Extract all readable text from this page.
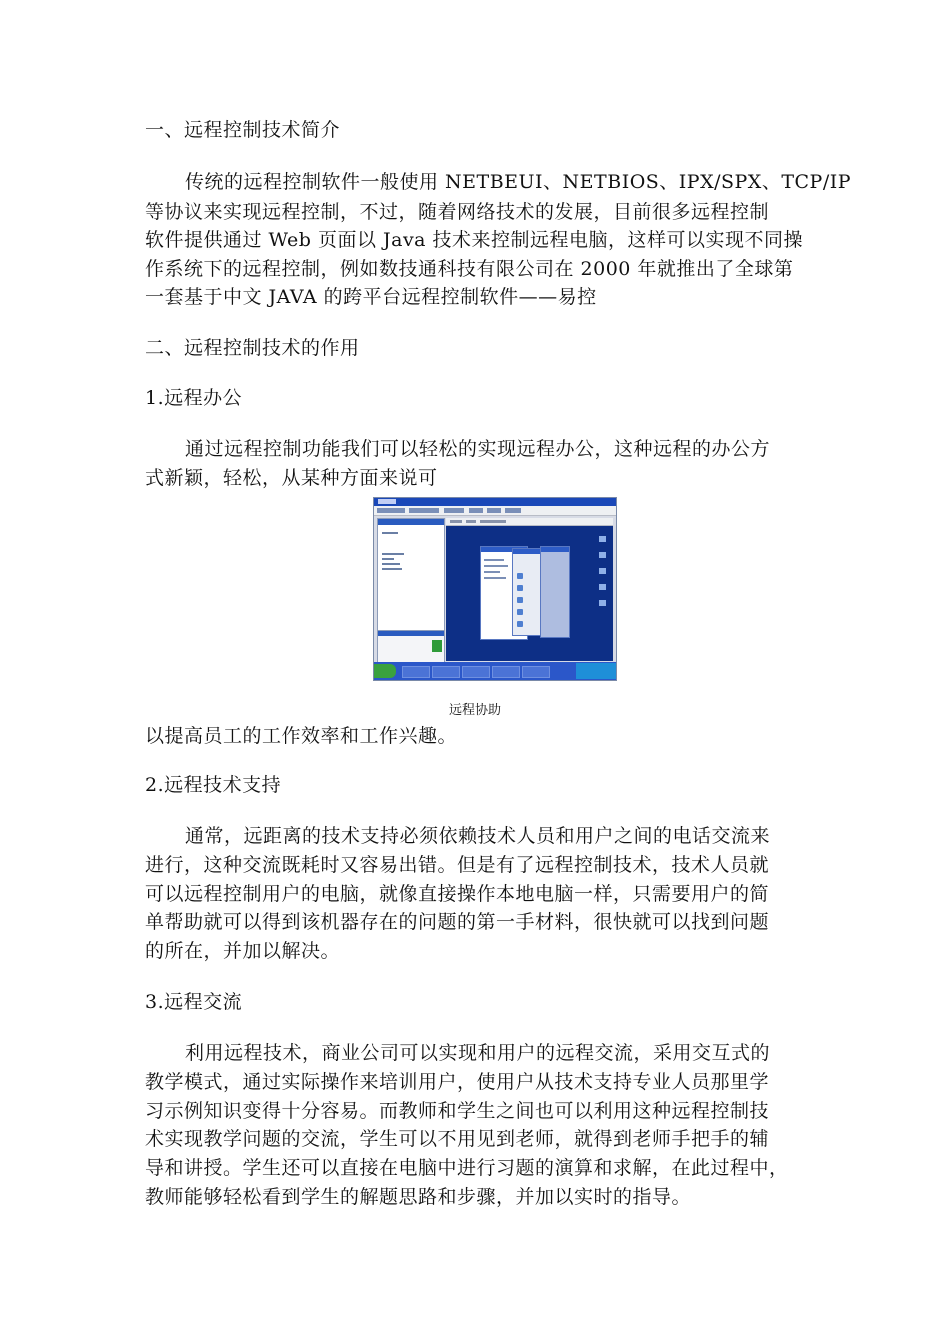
一、远程控制技术简介
传统的远程控制软件一般使用 NETBEUI、NETBIOS、IPX/SPX、TCP/IP
等协议来实现远程控制，不过，随着网络技术的发展，目前很多远程控制
软件提供通过 Web 页面以 Java 技术来控制远程电脑，这样可以实现不同操
作系统下的远程控制，例如数技通科技有限公司在 2000 年就推出了全球第
一套基于中文 JAVA 的跨平台远程控制软件——易控
二、远程控制技术的作用
1.远程办公
通过远程控制功能我们可以轻松的实现远程办公，这种远程的办公方
式新颖，轻松，从某种方面来说可
远程协助
以提高员工的工作效率和工作兴趣。
2.远程技术支持
通常，远距离的技术支持必须依赖技术人员和用户之间的电话交流来
进行，这种交流既耗时又容易出错。但是有了远程控制技术，技术人员就
可以远程控制用户的电脑，就像直接操作本地电脑一样，只需要用户的简
单帮助就可以得到该机器存在的问题的第一手材料，很快就可以找到问题
的所在，并加以解决。
3.远程交流
利用远程技术，商业公司可以实现和用户的远程交流，采用交互式的
教学模式，通过实际操作来培训用户，使用户从技术支持专业人员那里学
习示例知识变得十分容易。而教师和学生之间也可以利用这种远程控制技
术实现教学问题的交流，学生可以不用见到老师，就得到老师手把手的辅
导和讲授。学生还可以直接在电脑中进行习题的演算和求解，在此过程中，
教师能够轻松看到学生的解题思路和步骤，并加以实时的指导。
